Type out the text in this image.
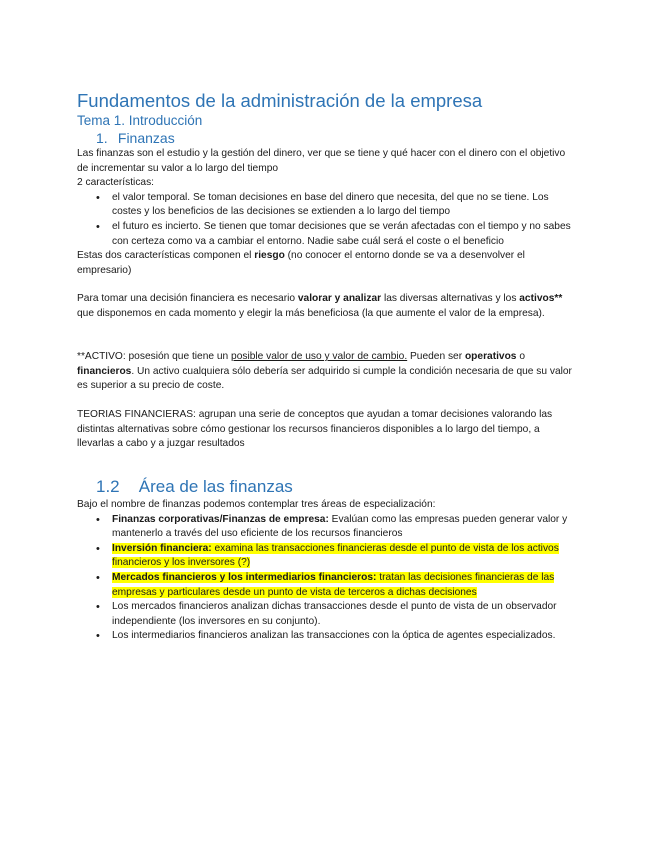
Fundamentos de la administración de la empresa
Tema 1. Introducción
1. Finanzas

Las finanzas son el estudio y la gestión del dinero, ver que se tiene y qué hacer con el dinero con el objetivo de incrementar su valor a lo largo del tiempo

2 características:

• el valor temporal. Se toman decisiones en base del dinero que necesita, del que no se tiene. Los costes y los beneficios de las decisiones se extienden a lo largo del tiempo
• el futuro es incierto. Se tienen que tomar decisiones que se verán afectadas con el tiempo y no sabes con certeza como va a cambiar el entorno. Nadie sabe cuál será el coste o el beneficio

Estas dos características componen el riesgo (no conocer el entorno donde se va a desenvolver el empresario)

Para tomar una decisión financiera es necesario valorar y analizar las diversas alternativas y los activos** que disponemos en cada momento y elegir la más beneficiosa (la que aumente el valor de la empresa).

**ACTIVO: posesión que tiene un posible valor de uso y valor de cambio. Pueden ser operativos o financieros. Un activo cualquiera sólo debería ser adquirido si cumple la condición necesaria de que su valor es superior a su precio de coste.

TEORIAS FINANCIERAS: agrupan una serie de conceptos que ayudan a tomar decisiones valorando las distintas alternativas sobre cómo gestionar los recursos financieros disponibles a lo largo del tiempo, a llevarlas a cabo y a juzgar resultados

1.2 Área de las finanzas

Bajo el nombre de finanzas podemos contemplar tres áreas de especialización:

• Finanzas corporativas/Finanzas de empresa: Evalúan como las empresas pueden generar valor y mantenerlo a través del uso eficiente de los recursos financieros
• Inversión financiera: examina las transacciones financieras desde el punto de vista de los activos financieros y los inversores (?)
• Mercados financieros y los intermediarios financieros: tratan las decisiones financieras de las empresas y particulares desde un punto de vista de terceros a dichas decisiones
• Los mercados financieros analizan dichas transacciones desde el punto de vista de un observador independiente (los inversores en su conjunto).
• Los intermediarios financieros analizan las transacciones con la óptica de agentes especializados.
